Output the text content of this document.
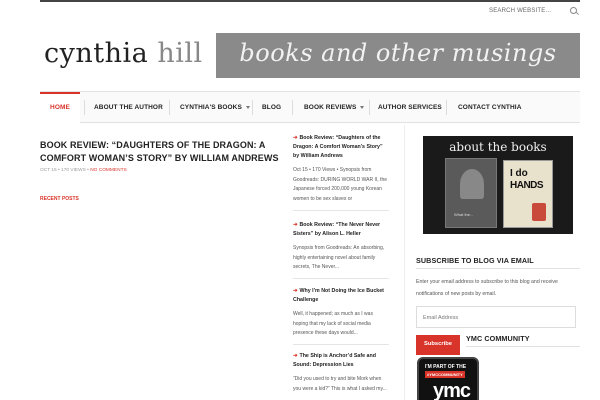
SEARCH WEBSITE...
cynthia hill	books and other musings
HOME	ABOUT THE AUTHOR	CYNTHIA'S BOOKS	BLOG	BOOK REVIEWS	AUTHOR SERVICES CONTACT CYNTHIA
BOOK REVIEW: “DAUGHTERS OF THE DRAGON: A COMFORT WOMAN’S STORY” BY WILLIAM ANDREWS
OCT 15 • 170 VIEWS • NO COMMENTS
RECENT POSTS
➜ Book Review: “Daughters of the Dragon: A Comfort Woman’s Story” by William Andrews
Oct 15 • 170 Views • Synopsis from Goodreads: DURING WORLD WAR II, the Japanese forced 200,000 young Korean women to be sex slaves or
➜ Book Review: “The Never Never Sisters” by Alison L. Heller
Synopsis from Goodreads: An absorbing, highly entertaining novel about family secrets, The Never...
➜ Why I’m Not Doing the Ice Bucket Challenge
Well, it happened; as much as I was hoping that my lack of social media presence these days would...
➜ The Ship is Anchor’d Safe and Sound: Depression Lies
“Did you used to try and bite Mork when you were a kid?” This is what I asked my...
about the books
What the...
I do
HANDS
SUBSCRIBE TO BLOG VIA EMAIL
Enter your email address to subscribe to this blog and receive notifications of new posts by email.
Email Address
Subscribe
YMC COMMUNITY
I'M PART OF THE
#YMCCOMMUNITY
ymc
